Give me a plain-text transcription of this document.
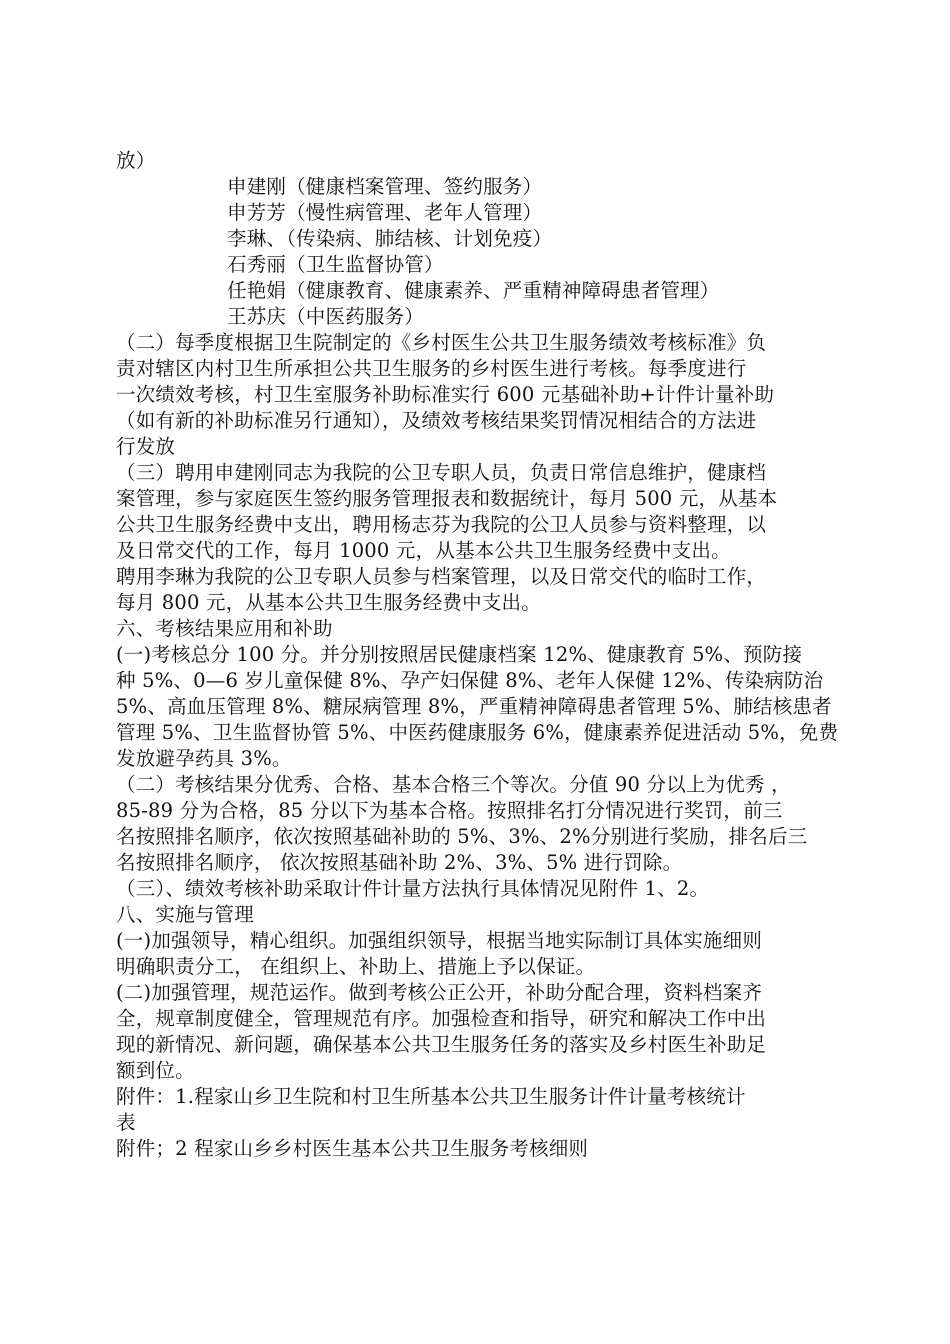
放）
申建刚（健康档案管理、签约服务）
申芳芳（慢性病管理、老年人管理）
李琳、（传染病、肺结核、计划免疫）
石秀丽（卫生监督协管）
任艳娟（健康教育、健康素养、严重精神障碍患者管理）
王苏庆（中医药服务）
（二）每季度根据卫生院制定的《乡村医生公共卫生服务绩效考核标准》负
责对辖区内村卫生所承担公共卫生服务的乡村医生进行考核。每季度进行
一次绩效考核，村卫生室服务补助标准实行 600 元基础补助+计件计量补助
（如有新的补助标准另行通知），及绩效考核结果奖罚情况相结合的方法进
行发放
（三）聘用申建刚同志为我院的公卫专职人员，负责日常信息维护，健康档
案管理，参与家庭医生签约服务管理报表和数据统计，每月 500 元，从基本
公共卫生服务经费中支出，聘用杨志芬为我院的公卫人员参与资料整理，以
及日常交代的工作，每月 1000 元，从基本公共卫生服务经费中支出。
聘用李琳为我院的公卫专职人员参与档案管理，以及日常交代的临时工作，
每月 800 元，从基本公共卫生服务经费中支出。
六、考核结果应用和补助
(一)考核总分 100 分。并分别按照居民健康档案 12%、健康教育 5%、预防接
种 5%、0—6 岁儿童保健 8%、孕产妇保健 8%、老年人保健 12%、传染病防治
5%、高血压管理 8%、糖尿病管理 8%，严重精神障碍患者管理 5%、肺结核患者
管理 5%、卫生监督协管 5%、中医药健康服务 6%，健康素养促进活动 5%，免费
发放避孕药具 3%。
（二）考核结果分优秀、合格、基本合格三个等次。分值 90 分以上为优秀 ，
85-89 分为合格，85 分以下为基本合格。按照排名打分情况进行奖罚，前三
名按照排名顺序，依次按照基础补助的 5%、3%、2%分别进行奖励，排名后三
名按照排名顺序， 依次按照基础补助 2%、3%、5% 进行罚除。
（三）、绩效考核补助采取计件计量方法执行具体情况见附件 1、2。
八、实施与管理
(一)加强领导，精心组织。加强组织领导，根据当地实际制订具体实施细则
明确职责分工， 在组织上、补助上、措施上予以保证。
(二)加强管理，规范运作。做到考核公正公开，补助分配合理，资料档案齐
全，规章制度健全，管理规范有序。加强检查和指导，研究和解决工作中出
现的新情况、新问题，确保基本公共卫生服务任务的落实及乡村医生补助足
额到位。
附件：1.程家山乡卫生院和村卫生所基本公共卫生服务计件计量考核统计
表
附件；2 程家山乡乡村医生基本公共卫生服务考核细则
